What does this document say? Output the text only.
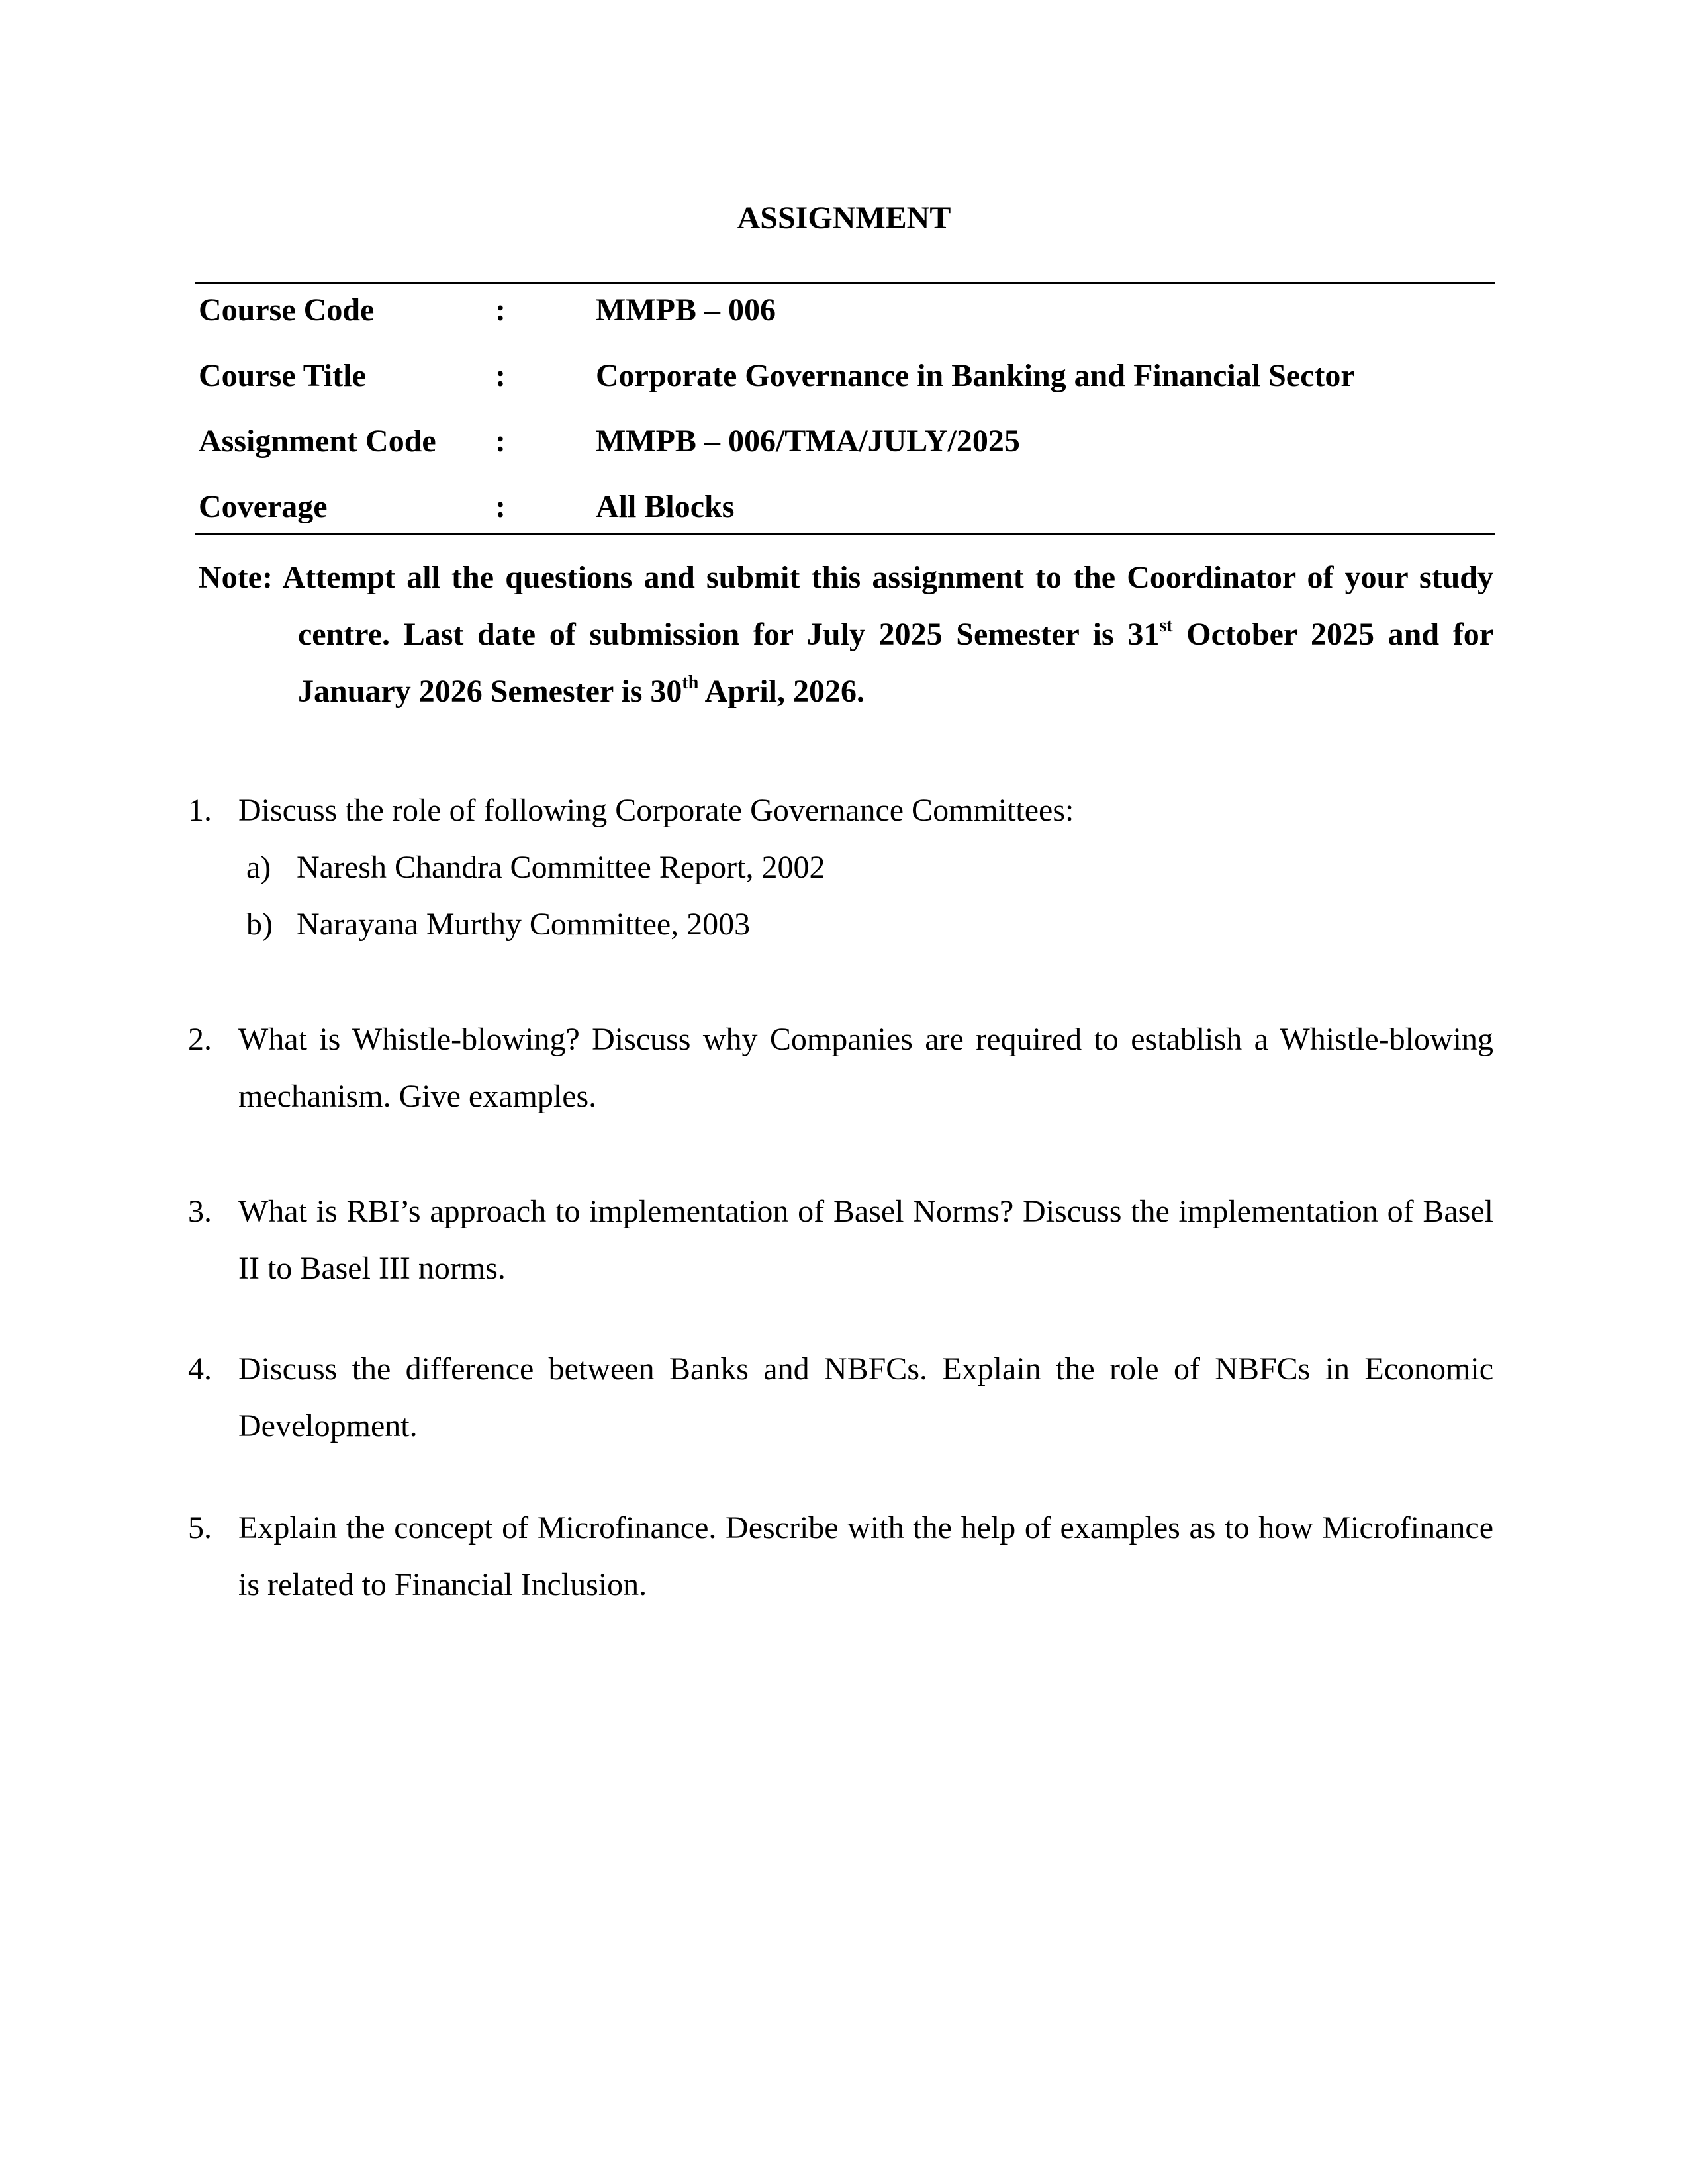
ASSIGNMENT
Course Code	:	MMPB – 006
Course Title	:	Corporate Governance in Banking and Financial Sector
Assignment Code :	MMPB – 006/TMA/JULY/2025
Coverage	:	All Blocks
Note: Attempt all the questions and submit this assignment to the Coordinator of your study centre. Last date of submission for July 2025 Semester is 31st October 2025 and for January 2026 Semester is 30th April, 2026.
1. Discuss the role of following Corporate Governance Committees:
a) Naresh Chandra Committee Report, 2002
b) Narayana Murthy Committee, 2003
2. What is Whistle-blowing? Discuss why Companies are required to establish a Whistle-blowing mechanism. Give examples.
3. What is RBI’s approach to implementation of Basel Norms? Discuss the implementation of Basel II to Basel III norms.
4. Discuss the difference between Banks and NBFCs. Explain the role of NBFCs in Economic Development.
5. Explain the concept of Microfinance. Describe with the help of examples as to how Microfinance is related to Financial Inclusion.
